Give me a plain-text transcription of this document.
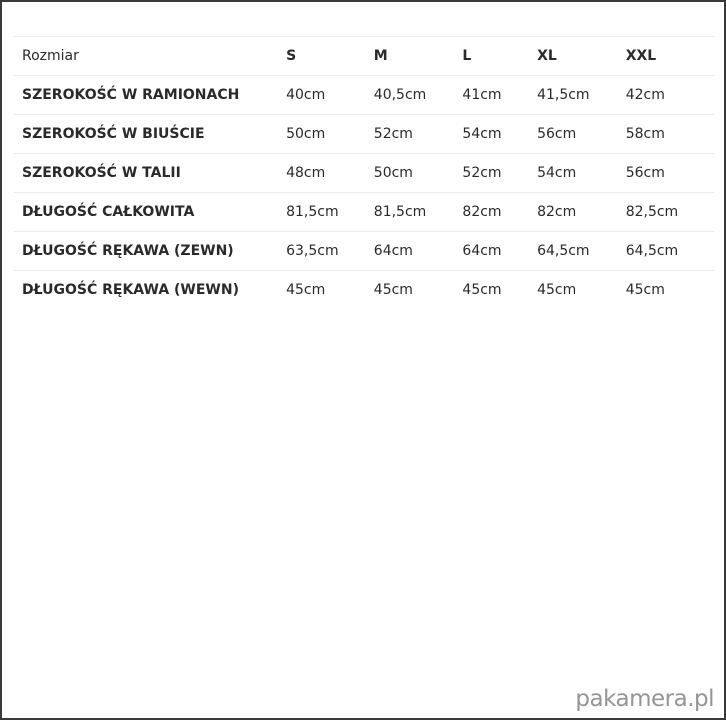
Rozmiar	S	M	L	XL	XXL
SZEROKOŚĆ W RAMIONACH	40cm	40,5cm	41cm	41,5cm	42cm
SZEROKOŚĆ W BIUŚCIE	50cm	52cm	54cm	56cm	58cm
SZEROKOŚĆ W TALII	48cm	50cm	52cm	54cm	56cm
DŁUGOŚĆ CAŁKOWITA	81,5cm	81,5cm	82cm	82cm	82,5cm
DŁUGOŚĆ RĘKAWA (ZEWN)	63,5cm	64cm	64cm	64,5cm	64,5cm
DŁUGOŚĆ RĘKAWA (WEWN)	45cm	45cm	45cm	45cm	45cm
pakamera.pl
